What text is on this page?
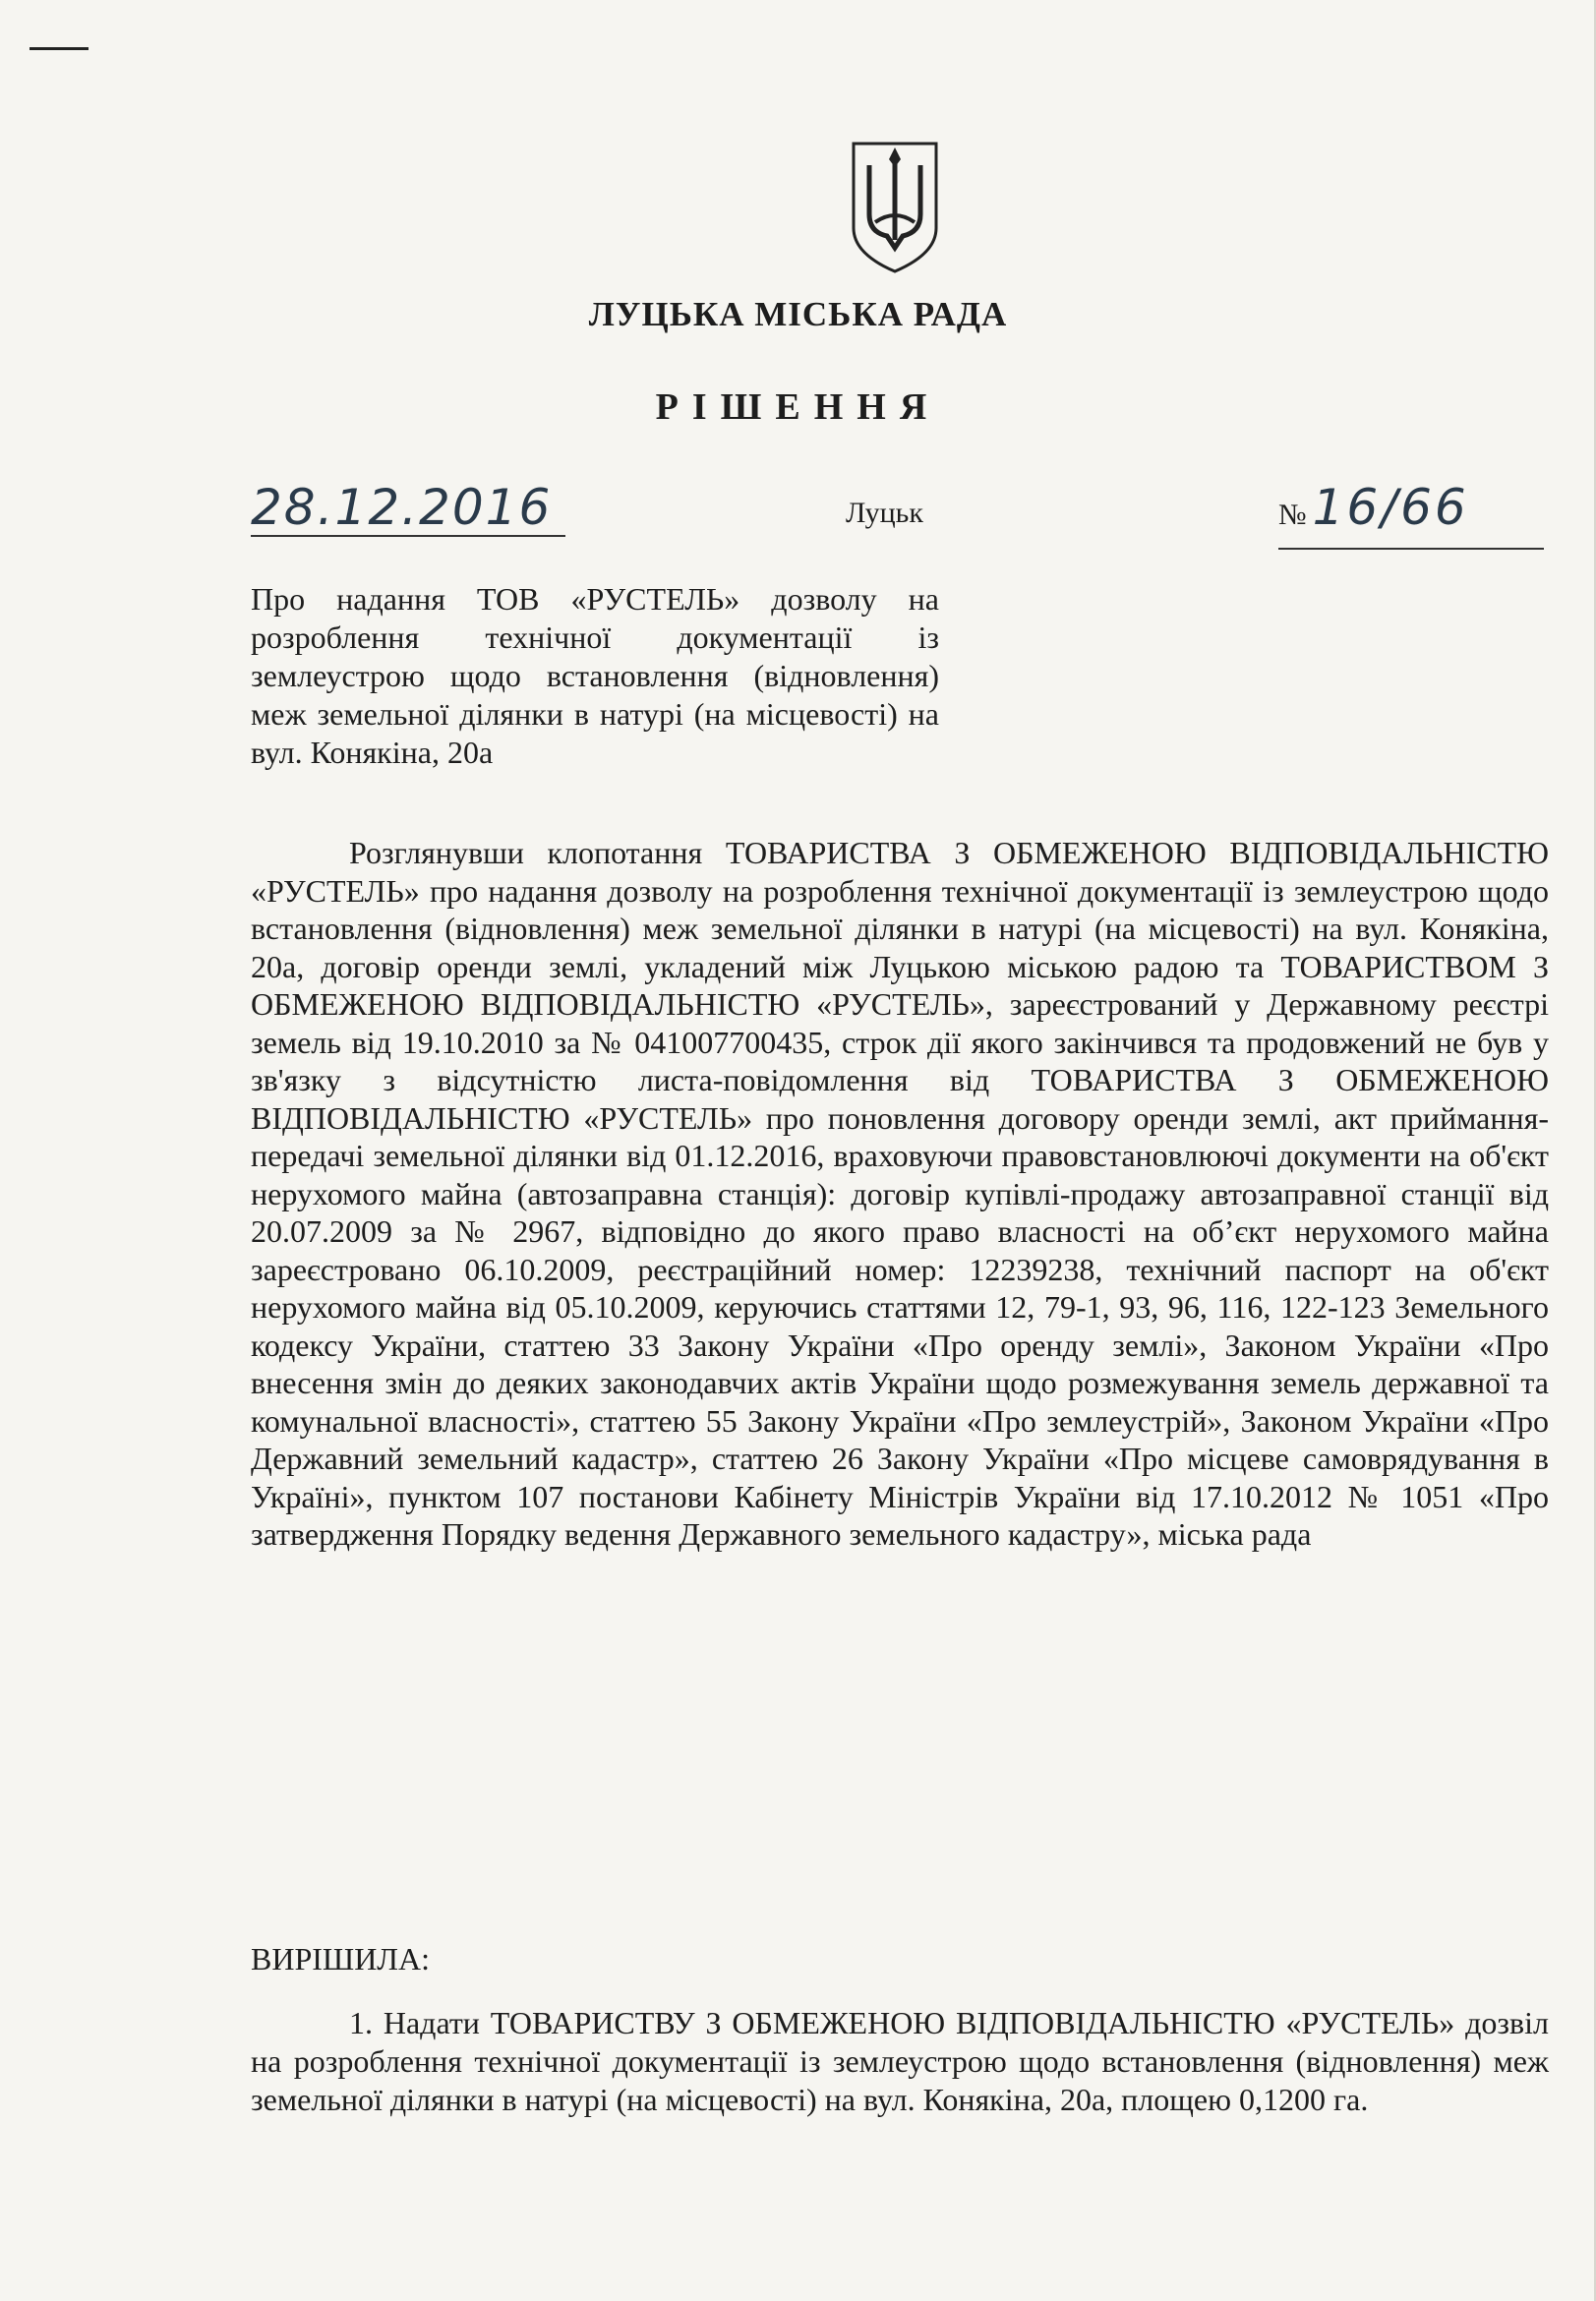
ЛУЦЬКА МІСЬКА РАДА
РІШЕННЯ
28.12.2016	Луцьк	№ 16/66
Про надання ТОВ «РУСТЕЛЬ» дозволу на розроблення технічної документації із землеустрою щодо встановлення (відновлення) меж земельної ділянки в натурі (на місцевості) на вул. Конякіна, 20а

Розглянувши клопотання ТОВАРИСТВА З ОБМЕЖЕНОЮ ВІДПОВІДАЛЬНІСТЮ «РУСТЕЛЬ» про надання дозволу на розроблення технічної документації із землеустрою щодо встановлення (відновлення) меж земельної ділянки в натурі (на місцевості) на вул. Конякіна, 20а, договір оренди землі, укладений між Луцькою міською радою та ТОВАРИСТВОМ З ОБМЕЖЕНОЮ ВІДПОВІДАЛЬНІСТЮ «РУСТЕЛЬ», зареєстрований у Державному реєстрі земель від 19.10.2010 за № 041007700435, строк дії якого закінчився та продовжений не був у зв'язку з відсутністю листа-повідомлення від ТОВАРИСТВА З ОБМЕЖЕНОЮ ВІДПОВІДАЛЬНІСТЮ «РУСТЕЛЬ» про поновлення договору оренди землі, акт приймання-передачі земельної ділянки від 01.12.2016, враховуючи правовстановлюючі документи на об'єкт нерухомого майна (автозаправна станція): договір купівлі-продажу автозаправної станції від 20.07.2009 за № 2967, відповідно до якого право власності на об’єкт нерухомого майна зареєстровано 06.10.2009, реєстраційний номер: 12239238, технічний паспорт на об'єкт нерухомого майна від 05.10.2009, керуючись статтями 12, 79-1, 93, 96, 116, 122-123 Земельного кодексу України, статтею 33 Закону України «Про оренду землі», Законом України «Про внесення змін до деяких законодавчих актів України щодо розмежування земель державної та комунальної власності», статтею 55 Закону України «Про землеустрій», Законом України «Про Державний земельний кадастр», статтею 26 Закону України «Про місцеве самоврядування в Україні», пунктом 107 постанови Кабінету Міністрів України від 17.10.2012 № 1051 «Про затвердження Порядку ведення Державного земельного кадастру», міська рада

ВИРІШИЛА:

1. Надати ТОВАРИСТВУ З ОБМЕЖЕНОЮ ВІДПОВІДАЛЬНІСТЮ «РУСТЕЛЬ» дозвіл на розроблення технічної документації із землеустрою щодо встановлення (відновлення) меж земельної ділянки в натурі (на місцевості) на вул. Конякіна, 20а, площею 0,1200 га.
